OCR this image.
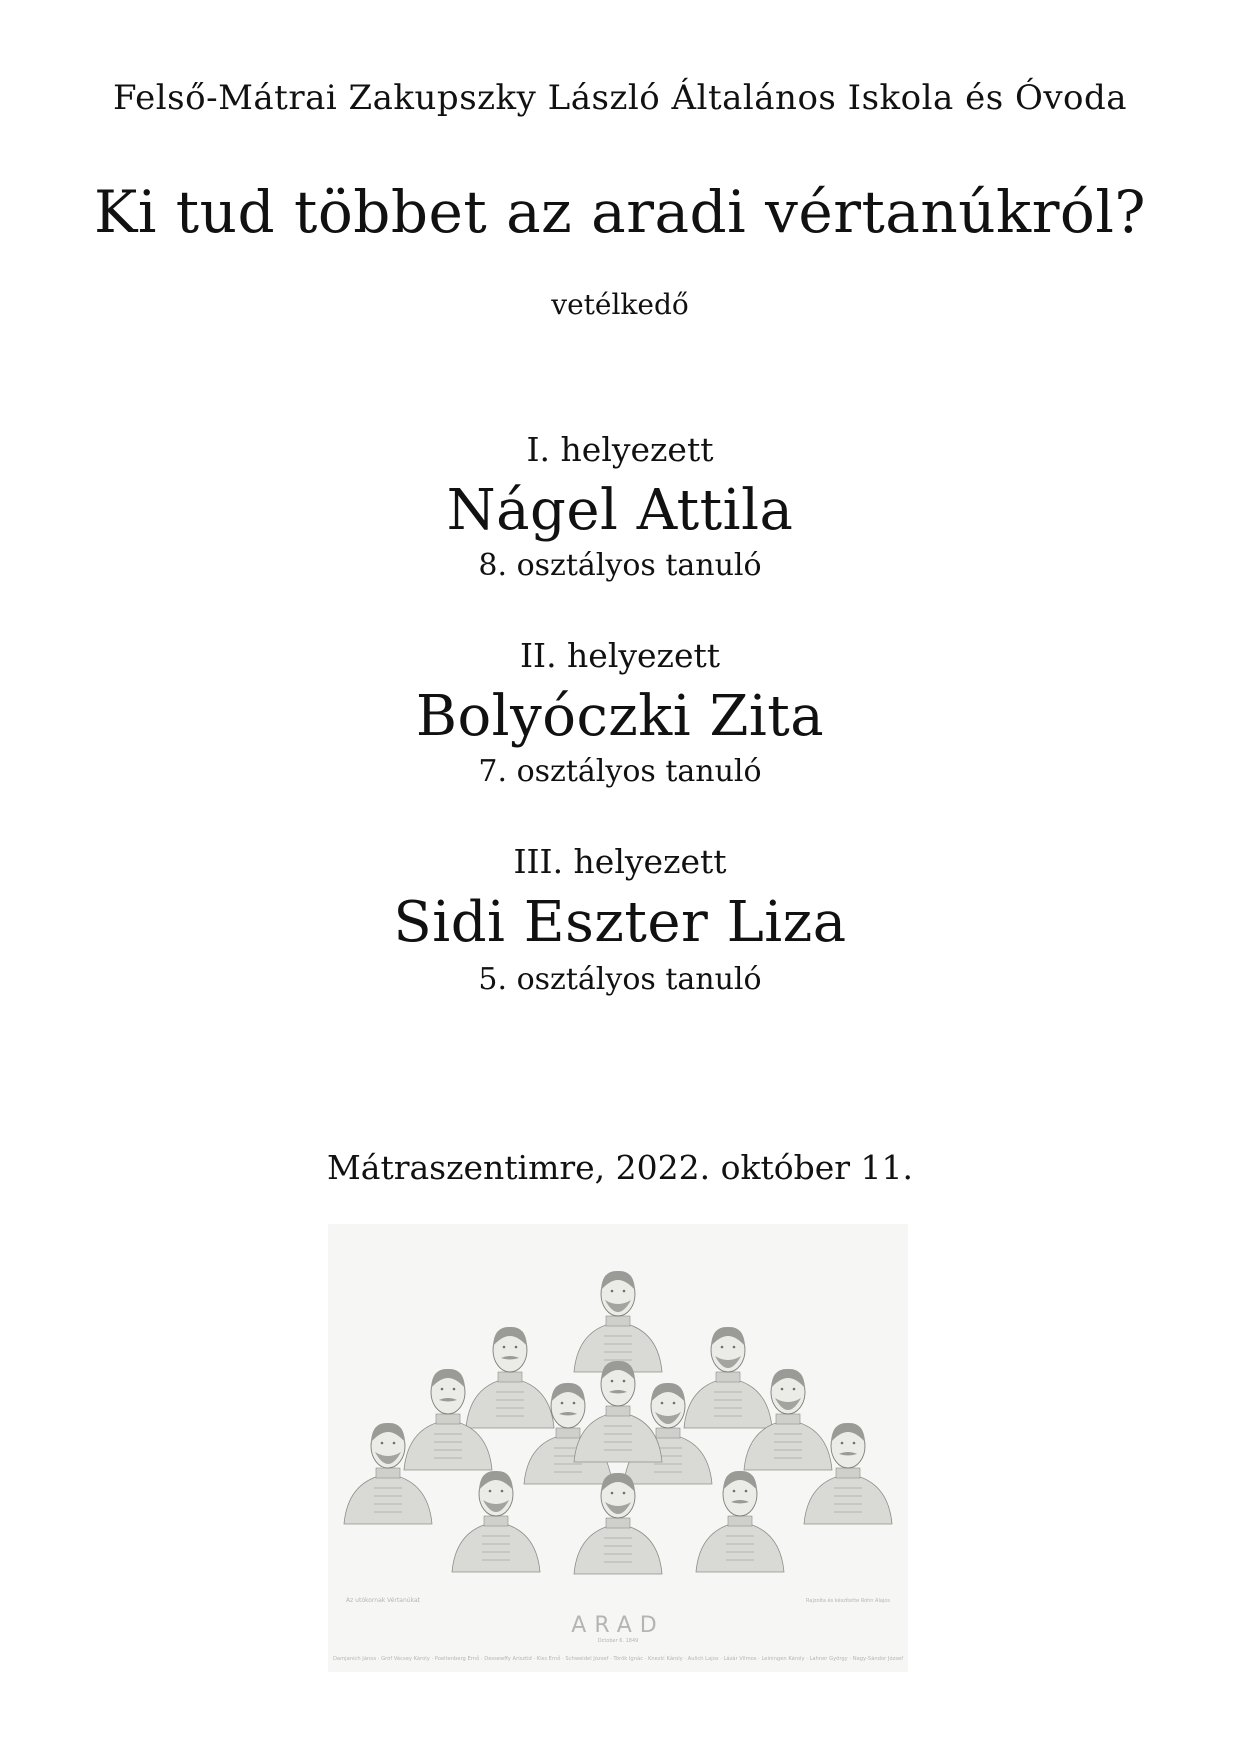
Felső-Mátrai Zakupszky László Általános Iskola és Óvoda
Ki tud többet az aradi vértanúkról?
vetélkedő
I. helyezett
Nágel Attila
8. osztályos tanuló
II. helyezett
Bolyóczki Zita
7. osztályos tanuló
III. helyezett
Sidi Eszter Liza
5. osztályos tanuló
Mátraszentimre, 2022. október 11.
Az utókornak Vértanúkat	Rajzolta és készítette Rohn Alajos
ARAD
October 6. 1849
Damjanich János · Gróf Vécsey Károly · Poeltenberg Ernő · Dessewffy Arisztid · Kiss Ernő · Schweidel József · Török Ignác · Knezić Károly · Aulich Lajos · Lázár Vilmos · Leiningen Károly · Lahner György · Nagy-Sándor József
